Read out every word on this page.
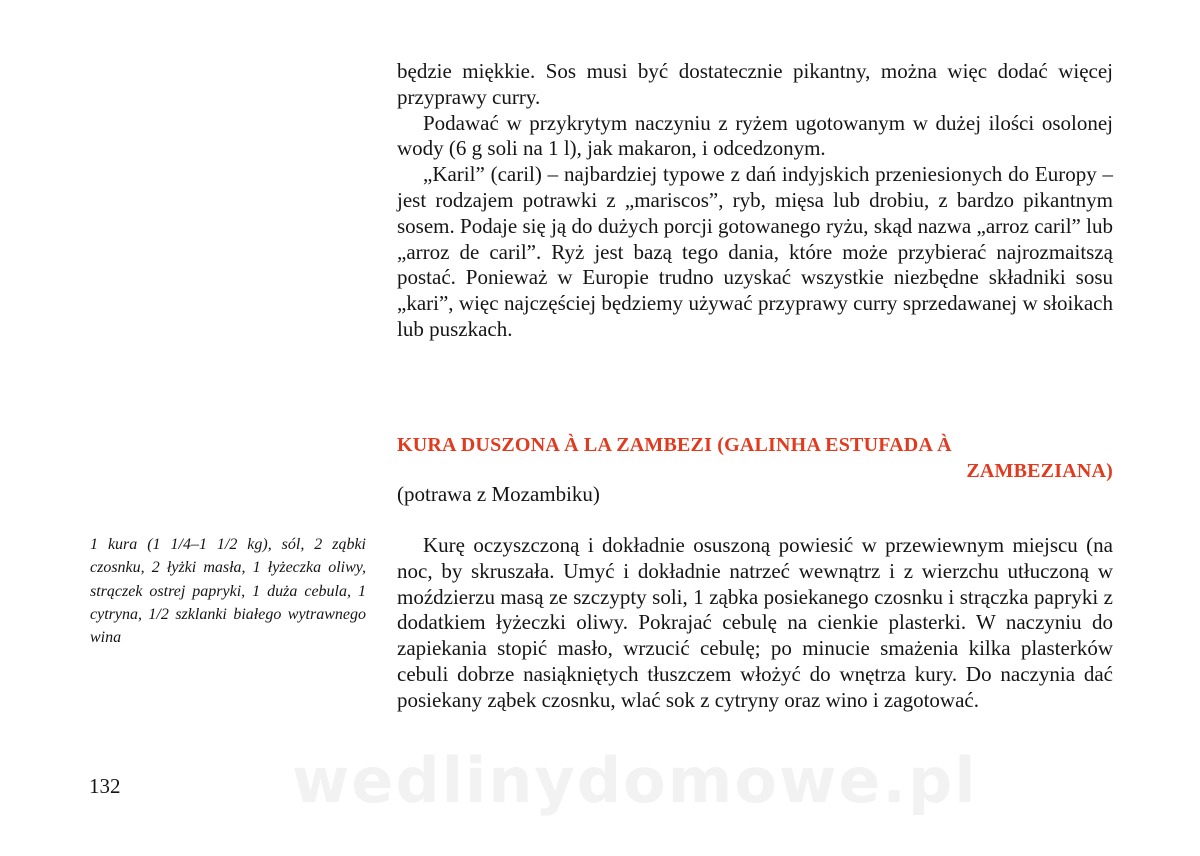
będzie miękkie. Sos musi być dostatecznie pikantny, można więc dodać więcej przyprawy curry.

Podawać w przykrytym naczyniu z ryżem ugotowanym w dużej ilości osolonej wody (6 g soli na 1 l), jak makaron, i odcedzonym.

„Karil” (caril) – najbardziej typowe z dań indyjskich przeniesionych do Europy – jest rodzajem potrawki z „mariscos”, ryb, mięsa lub drobiu, z bardzo pikantnym sosem. Podaje się ją do dużych porcji gotowanego ryżu, skąd nazwa „arroz caril” lub „arroz de caril”. Ryż jest bazą tego dania, które może przybierać najrozmaitszą postać. Ponieważ w Europie trudno uzyskać wszystkie niezbędne składniki sosu „kari”, więc najczęściej będziemy używać przyprawy curry sprzedawanej w słoikach lub puszkach.

KURA DUSZONA À LA ZAMBEZI (GALINHA ESTUFADA À
ZAMBEZIANA)

(potrawa z Mozambiku)

1 kura (1 1/4–1 1/2 kg), sól, 2 ząbki czosnku, 2 łyżki masła, 1 łyżeczka oliwy, strączek ostrej papryki, 1 duża cebula, 1 cytryna, 1/2 szklanki białego wytrawnego wina

Kurę oczyszczoną i dokładnie osuszoną powiesić w przewiewnym miejscu (na noc, by skruszała. Umyć i dokładnie natrzeć wewnątrz i z wierzchu utłuczoną w moździerzu masą ze szczypty soli, 1 ząbka posiekanego czosnku i strączka papryki z dodatkiem łyżeczki oliwy. Pokrajać cebulę na cienkie plasterki. W naczyniu do zapiekania stopić masło, wrzucić cebulę; po minucie smażenia kilka plasterków cebuli dobrze nasiąkniętych tłuszczem włożyć do wnętrza kury. Do naczynia dać posiekany ząbek czosnku, wlać sok z cytryny oraz wino i zagotować.

132	wedlinydomowe.pl
